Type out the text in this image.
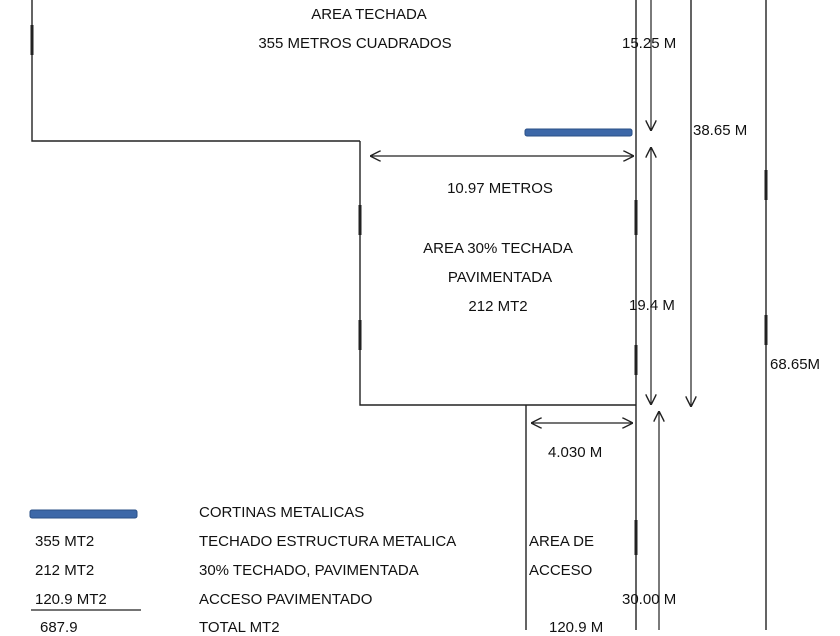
AREA TECHADA
355 METROS CUADRADOS
10.97 METROS
AREA 30% TECHADA
PAVIMENTADA
212 MT2
15.25 M
38.65 M
19.4 M
68.65M
4.030 M
30.00 M
AREA DE
ACCESO
120.9 M
CORTINAS METALICAS
355 MT2	TECHADO ESTRUCTURA METALICA
212 MT2	30% TECHADO, PAVIMENTADA
120.9 MT2	ACCESO PAVIMENTADO
687.9	TOTAL MT2
